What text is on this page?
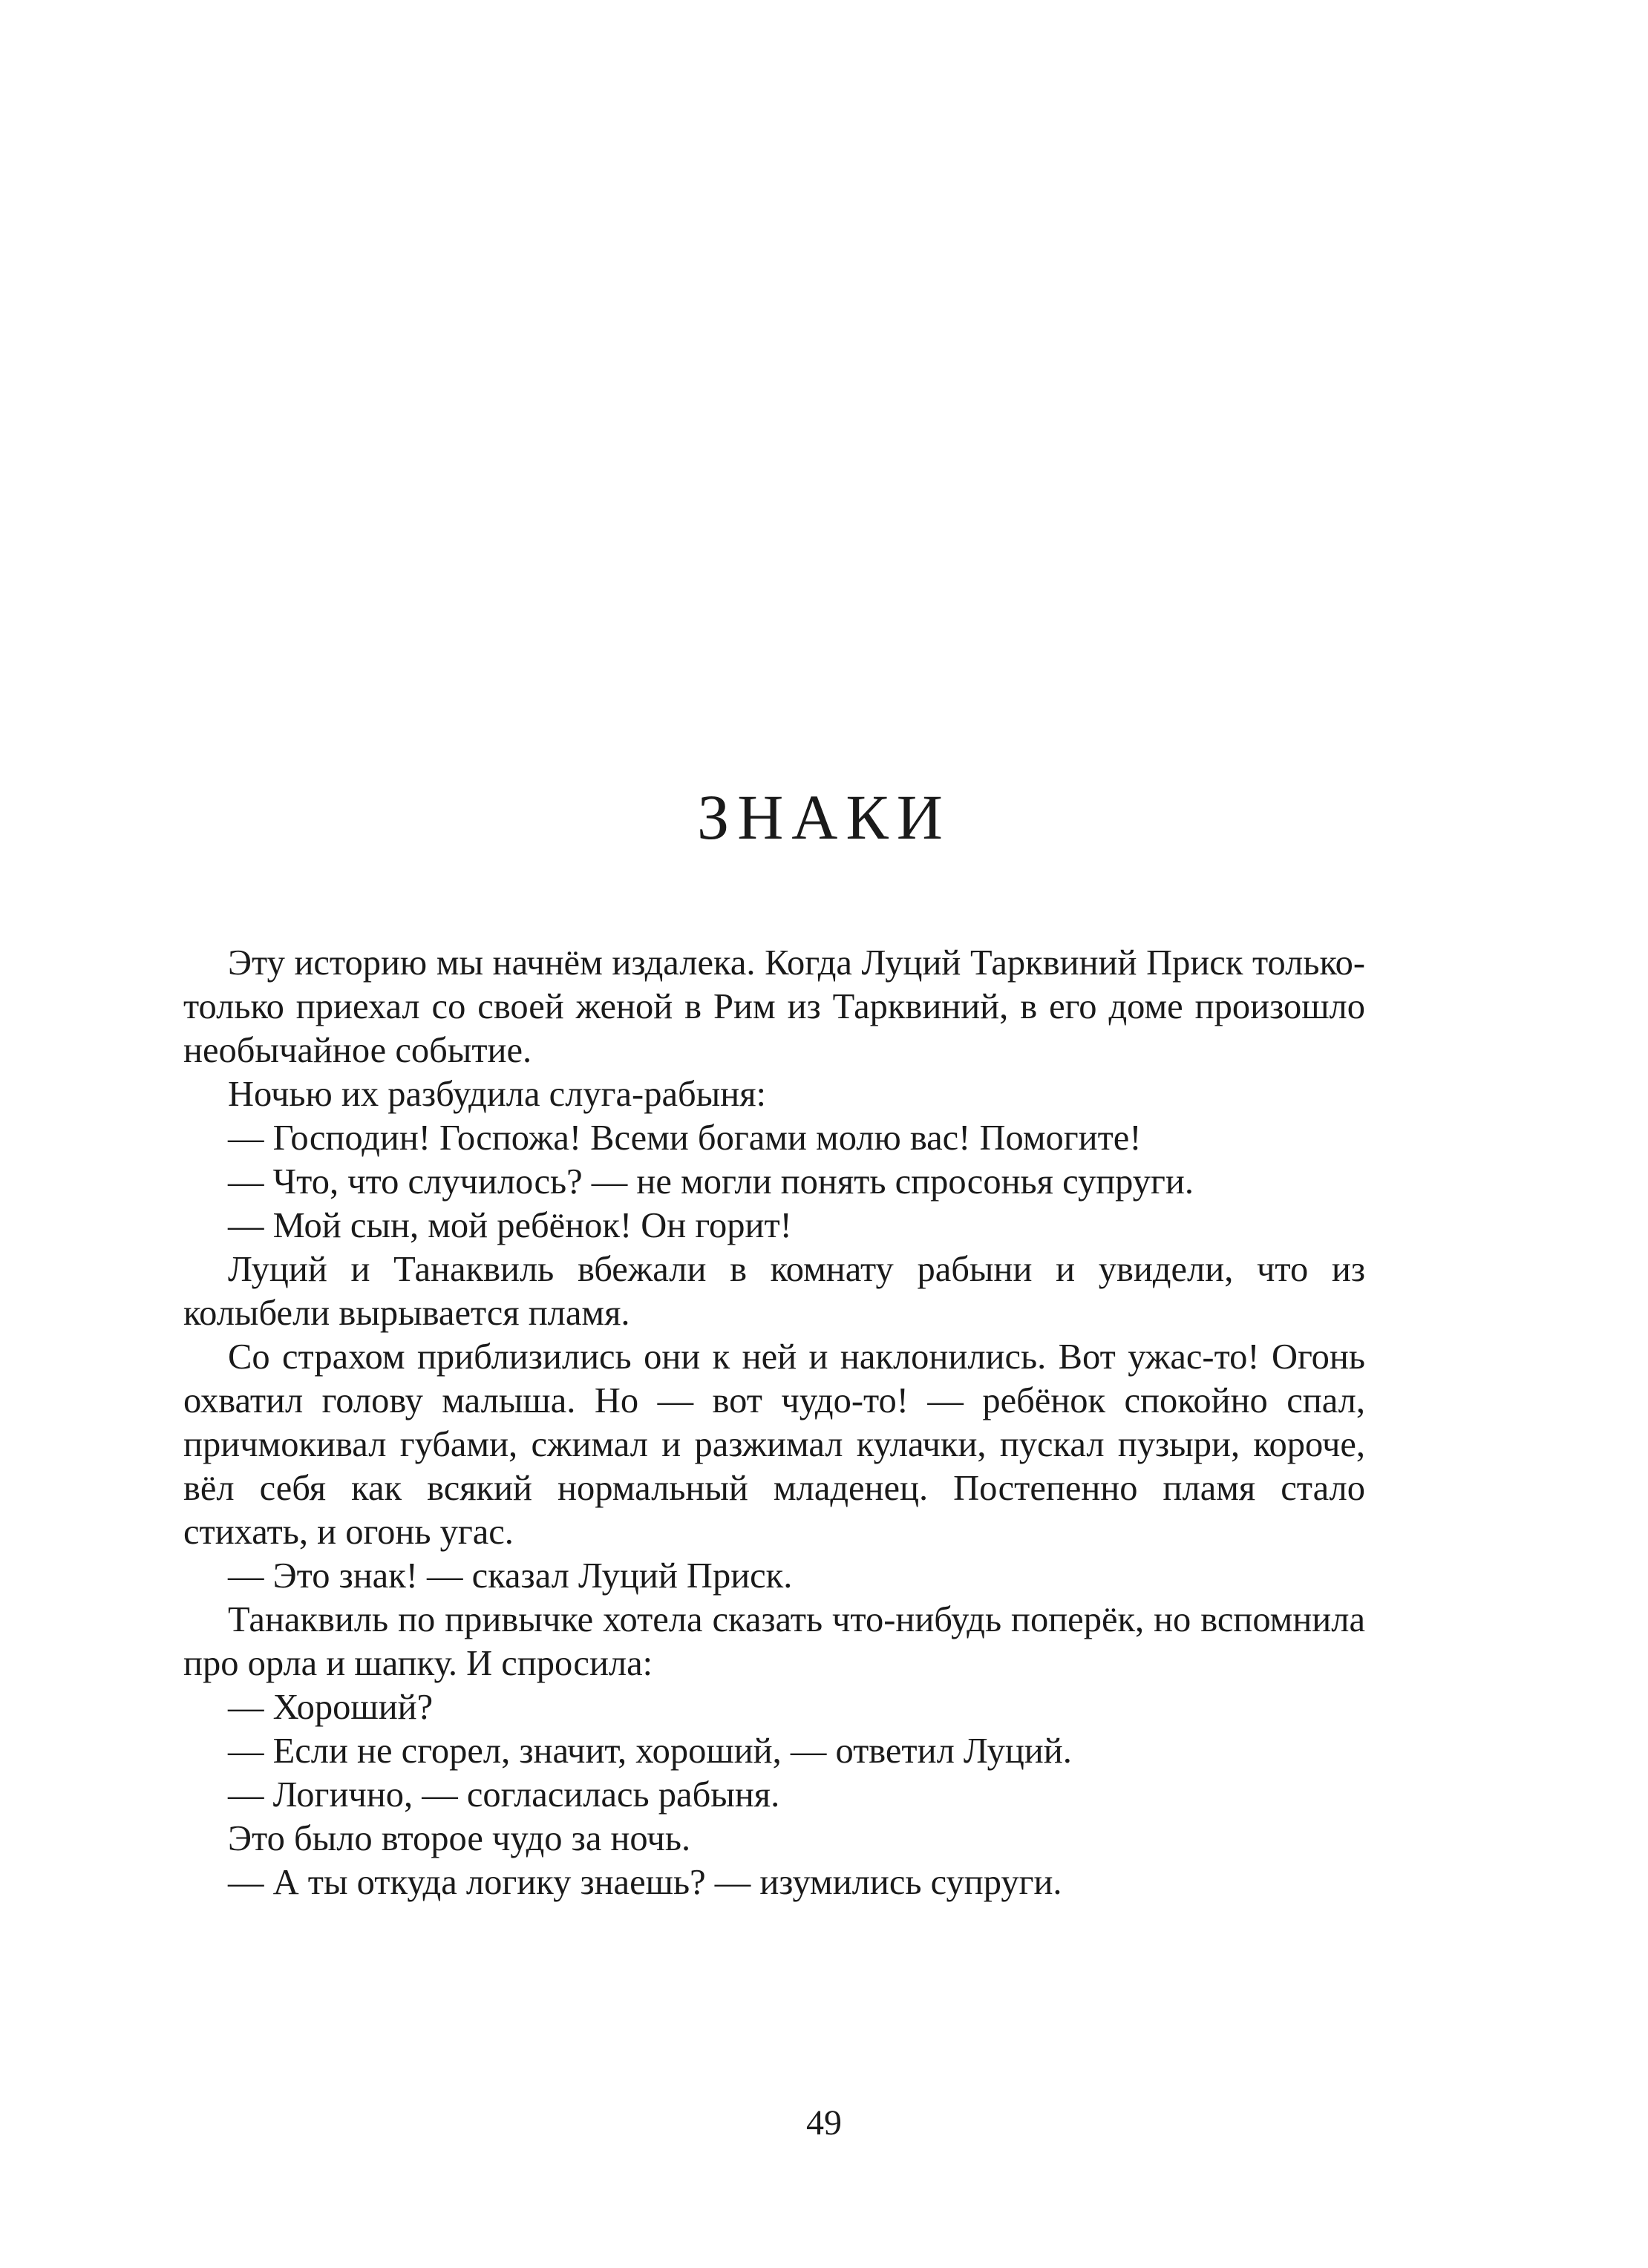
ЗНАКИ

Эту историю мы начнём издалека. Когда Луций Тарквиний Приск только-только приехал со своей женой в Рим из Тарквиний, в его доме произошло необычайное событие.

Ночью их разбудила слуга-рабыня:

— Господин! Госпожа! Всеми богами молю вас! Помогите!

— Что, что случилось? — не могли понять спросонья супруги.

— Мой сын, мой ребёнок! Он горит!

Луций и Танаквиль вбежали в комнату рабыни и увидели, что из колыбели вырывается пламя.

Со страхом приблизились они к ней и наклонились. Вот ужас-то! Огонь охватил голову малыша. Но — вот чудо-то! — ребёнок спокойно спал, причмокивал губами, сжимал и разжимал кулачки, пускал пузыри, короче, вёл себя как всякий нормальный младенец. Постепенно пламя стало стихать, и огонь угас.

— Это знак! — сказал Луций Приск.

Танаквиль по привычке хотела сказать что-нибудь поперёк, но вспомнила про орла и шапку. И спросила:

— Хороший?

— Если не сгорел, значит, хороший, — ответил Луций.

— Логично, — согласилась рабыня.

Это было второе чудо за ночь.

— А ты откуда логику знаешь? — изумились супруги.

49
